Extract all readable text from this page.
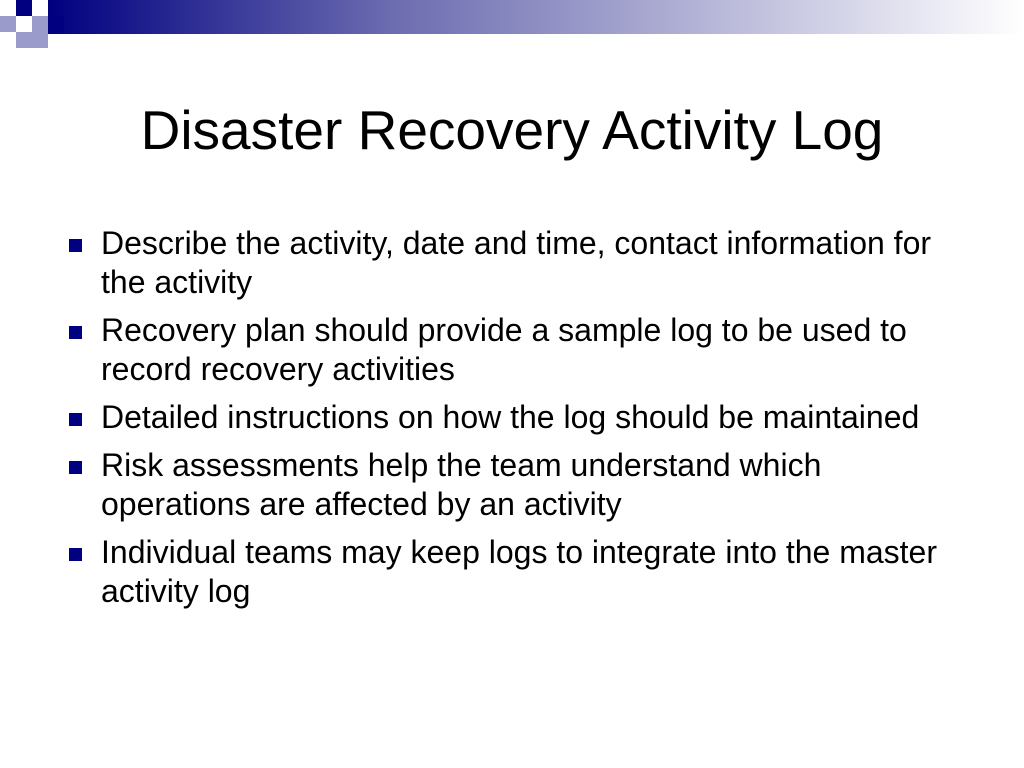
Disaster Recovery Activity Log
Describe the activity, date and time, contact information for the activity
Recovery plan should provide a sample log to be used to record recovery activities
Detailed instructions on how the log should be maintained
Risk assessments help the team understand which operations are affected by an activity
Individual teams may keep logs to integrate into the master activity log
